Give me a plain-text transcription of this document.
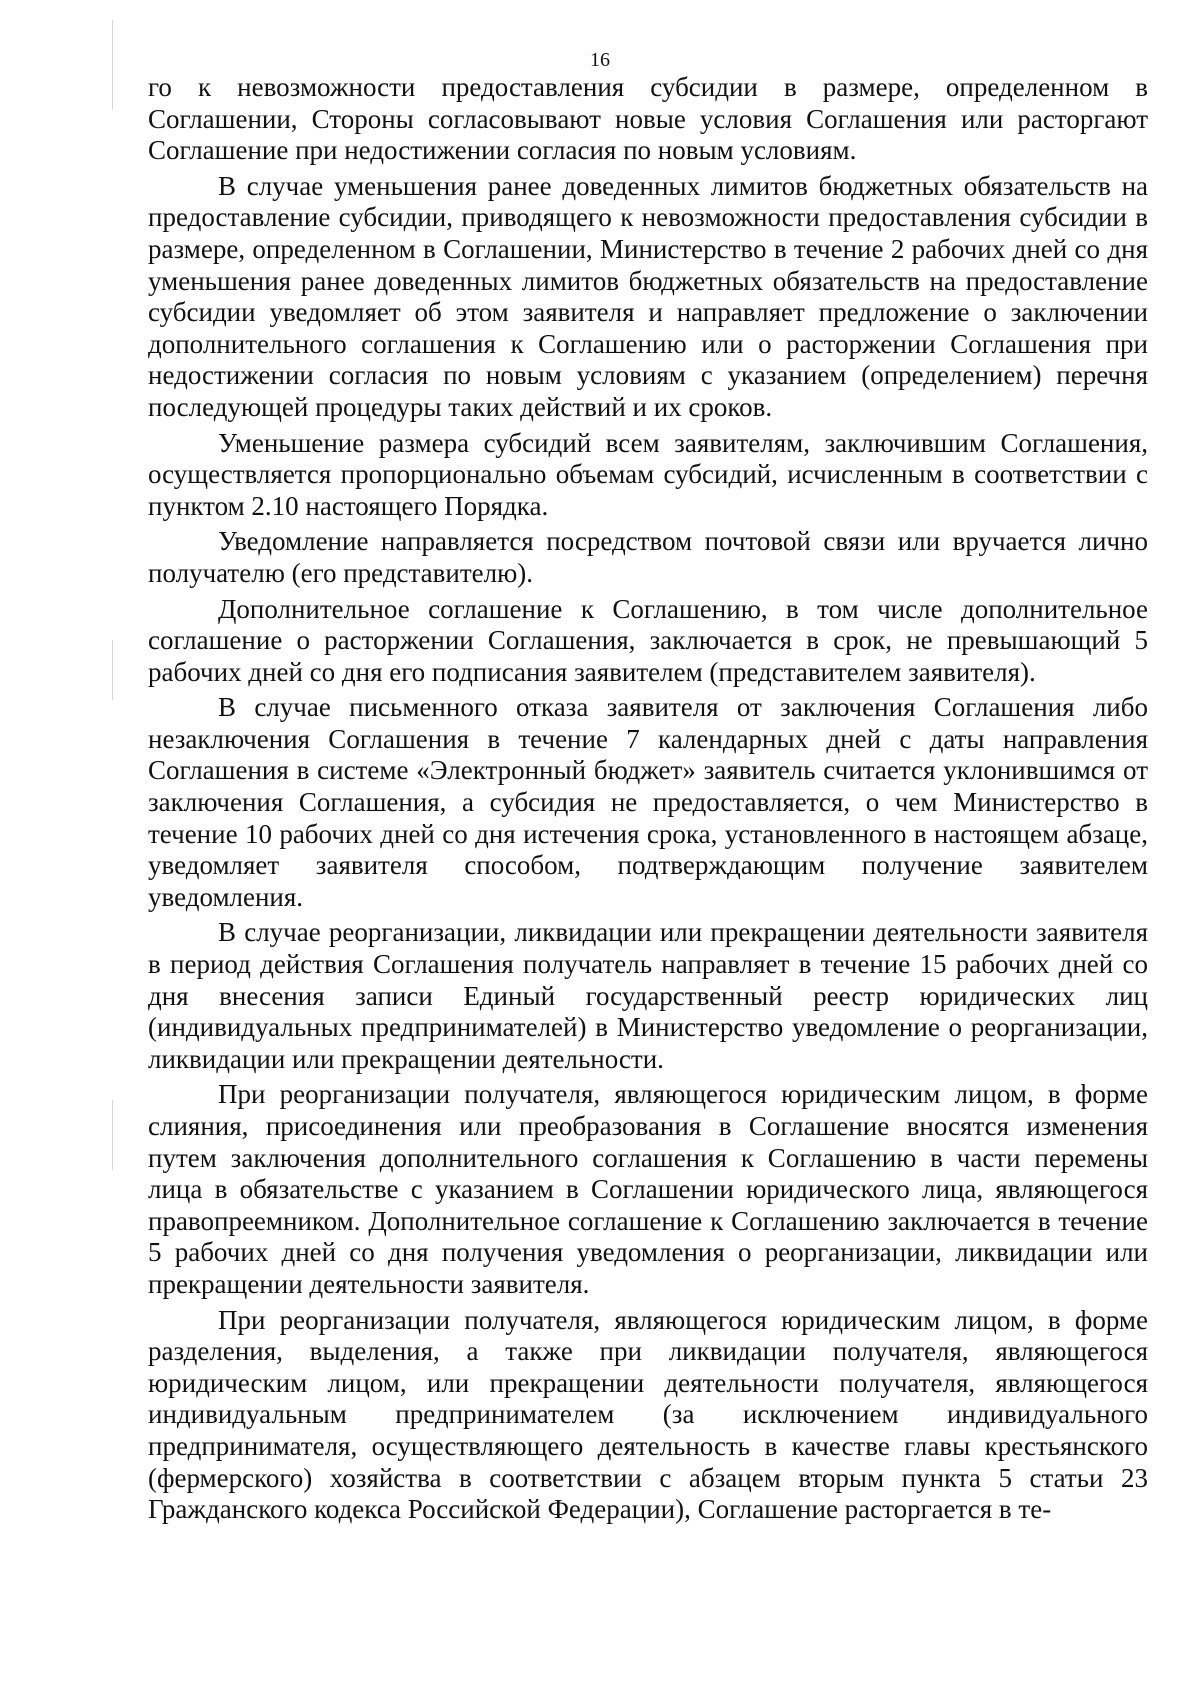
16

го к невозможности предоставления субсидии в размере, определенном в Соглашении, Стороны согласовывают новые условия Соглашения или расторгают Соглашение при недостижении согласия по новым условиям.

В случае уменьшения ранее доведенных лимитов бюджетных обязательств на предоставление субсидии, приводящего к невозможности предоставления субсидии в размере, определенном в Соглашении, Министерство в течение 2 рабочих дней со дня уменьшения ранее доведенных лимитов бюджетных обязательств на предоставление субсидии уведомляет об этом заявителя и направляет предложение о заключении дополнительного соглашения к Соглашению или о расторжении Соглашения при недостижении согласия по новым условиям с указанием (определением) перечня последующей процедуры таких действий и их сроков.

Уменьшение размера субсидий всем заявителям, заключившим Соглашения, осуществляется пропорционально объемам субсидий, исчисленным в соответствии с пунктом 2.10 настоящего Порядка.

Уведомление направляется посредством почтовой связи или вручается лично получателю (его представителю).

Дополнительное соглашение к Соглашению, в том числе дополнительное соглашение о расторжении Соглашения, заключается в срок, не превышающий 5 рабочих дней со дня его подписания заявителем (представителем заявителя).

В случае письменного отказа заявителя от заключения Соглашения либо незаключения Соглашения в течение 7 календарных дней с даты направления Соглашения в системе «Электронный бюджет» заявитель считается уклонившимся от заключения Соглашения, а субсидия не предоставляется, о чем Министерство в течение 10 рабочих дней со дня истечения срока, установленного в настоящем абзаце, уведомляет заявителя способом, подтверждающим получение заявителем уведомления.

В случае реорганизации, ликвидации или прекращении деятельности заявителя в период действия Соглашения получатель направляет в течение 15 рабочих дней со дня внесения записи Единый государственный реестр юридических лиц (индивидуальных предпринимателей) в Министерство уведомление о реорганизации, ликвидации или прекращении деятельности.

При реорганизации получателя, являющегося юридическим лицом, в форме слияния, присоединения или преобразования в Соглашение вносятся изменения путем заключения дополнительного соглашения к Соглашению в части перемены лица в обязательстве с указанием в Соглашении юридического лица, являющегося правопреемником. Дополнительное соглашение к Соглашению заключается в течение 5 рабочих дней со дня получения уведомления о реорганизации, ликвидации или прекращении деятельности заявителя.

При реорганизации получателя, являющегося юридическим лицом, в форме разделения, выделения, а также при ликвидации получателя, являющегося юридическим лицом, или прекращении деятельности получателя, являющегося индивидуальным предпринимателем (за исключением индивидуального предпринимателя, осуществляющего деятельность в качестве главы крестьянского (фермерского) хозяйства в соответствии с абзацем вторым пункта 5 статьи 23 Гражданского кодекса Российской Федерации), Соглашение расторгается в те-
